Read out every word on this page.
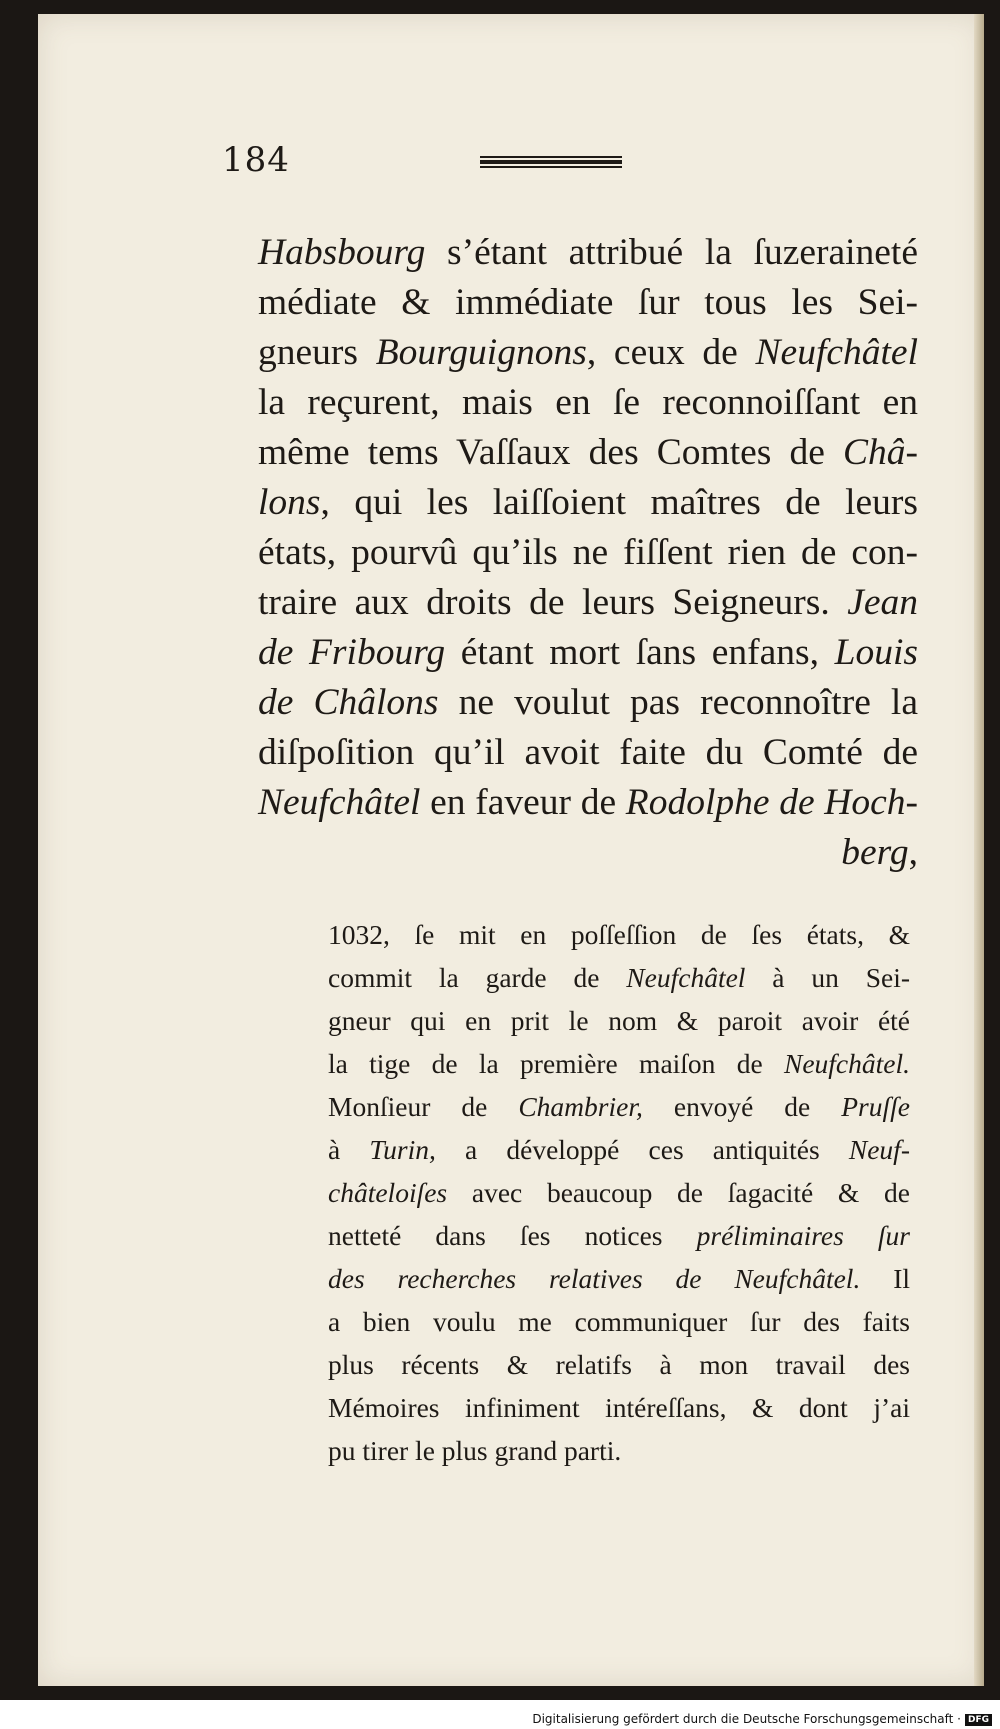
184
Habsbourg s’étant attribué la ſuzeraineté
médiate & immédiate ſur tous les Sei-
gneurs Bourguignons, ceux de Neufchâtel
la reçurent, mais en ſe reconnoiſſant en
même tems Vaſſaux des Comtes de Châ-
lons, qui les laiſſoient maîtres de leurs
états, pourvû qu’ils ne fiſſent rien de con-
traire aux droits de leurs Seigneurs. Jean
de Fribourg étant mort ſans enfans, Louis
de Châlons ne voulut pas reconnoître la
diſpoſition qu’il avoit faite du Comté de
Neufchâtel en faveur de Rodolphe de Hoch-
berg,
1032, ſe mit en poſſeſſion de ſes états, &
commit la garde de Neufchâtel à un Sei-
gneur qui en prit le nom & paroit avoir été
la tige de la première maiſon de Neufchâtel.
Monſieur de Chambrier, envoyé de Pruſſe
à Turin, a développé ces antiquités Neuf-
châteloiſes avec beaucoup de ſagacité & de
netteté dans ſes notices préliminaires ſur
des recherches relatives de Neufchâtel. Il
a bien voulu me communiquer ſur des faits
plus récents & relatifs à mon travail des
Mémoires infiniment intéreſſans, & dont j’ai
pu tirer le plus grand parti.
Digitalisierung gefördert durch die Deutsche Forschungsgemeinschaft · DFG
